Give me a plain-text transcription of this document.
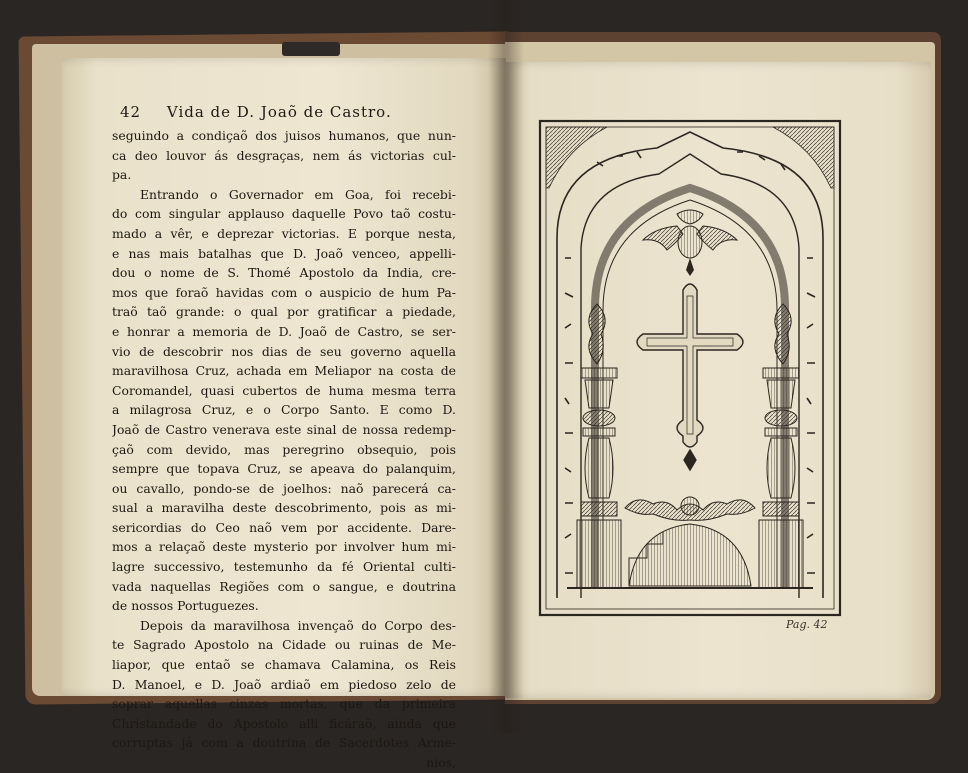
42 Vida de D. Joaõ de Castro.
seguindo a condiçaõ dos juisos humanos, que nun-
ca deo louvor ás desgraças, nem ás victorias cul-
pa.
Entrando o Governador em Goa, foi recebi-
do com singular applauso daquelle Povo taõ costu-
mado a vêr, e deprezar victorias. E porque nesta,
e nas mais batalhas que D. Joaõ venceo, appelli-
dou o nome de S. Thomé Apostolo da India, cre-
mos que foraõ havidas com o auspicio de hum Pa-
traõ taõ grande: o qual por gratificar a piedade,
e honrar a memoria de D. Joaõ de Castro, se ser-
vio de descobrir nos dias de seu governo aquella
maravilhosa Cruz, achada em Meliapor na costa de
Coromandel, quasi cubertos de huma mesma terra
a milagrosa Cruz, e o Corpo Santo. E como D.
Joaõ de Castro venerava este sinal de nossa redemp-
çaõ com devido, mas peregrino obsequio, pois
sempre que topava Cruz, se apeava do palanquim,
ou cavallo, pondo-se de joelhos: naõ parecerá ca-
sual a maravilha deste descobrimento, pois as mi-
sericordias do Ceo naõ vem por accidente. Dare-
mos a relaçaõ deste mysterio por involver hum mi-
lagre successivo, testemunho da fé Oriental culti-
vada naquellas Regiões com o sangue, e doutrina
de nossos Portuguezes.
Depois da maravilhosa invençaõ do Corpo des-
te Sagrado Apostolo na Cidade ou ruinas de Me-
liapor, que entaõ se chamava Calamina, os Reis
D. Manoel, e D. Joaõ ardiaõ em piedoso zelo de
soprar aquellas cinzas mortas, que da primeira
Christandade do Apostolo alli ficáraõ, ainda que
corruptas já com a doutrina de Sacerdotes Arme-
nios,
Pag. 42
